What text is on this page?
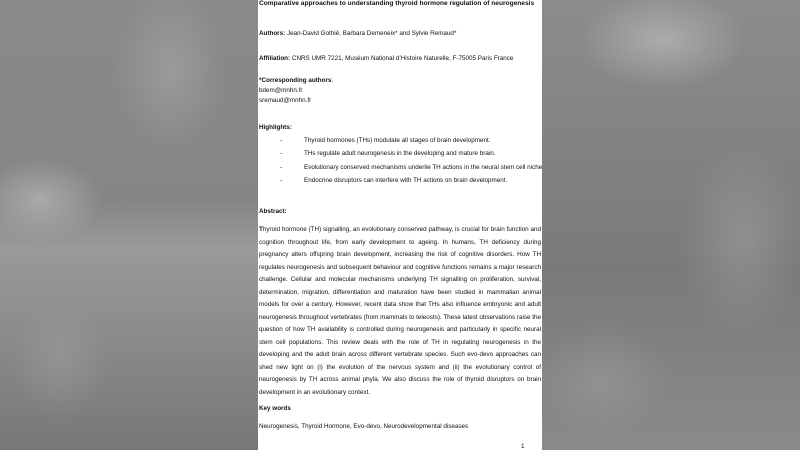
Comparative approaches to understanding thyroid hormone regulation of neurogenesis
Authors: Jean-David Gothié, Barbara Demeneix* and Sylvie Remaud*
Affiliation: CNRS UMR 7221, Muséum National d’Histoire Naturelle, F-75005 Paris France
*Corresponding authors:
bdem@mnhn.fr
sremaud@mnhn.fr
Highlights:
-	Thyroid hormones (THs) modulate all stages of brain development.
-	THs regulate adult neurogenesis in the developing and mature brain.
-	Evolutionary conserved mechanisms underlie TH actions in the neural stem cell niche
-	Endocrine disruptors can interfere with TH actions on brain development.
Abstract:
Thyroid hormone (TH) signalling, an evolutionary conserved pathway, is crucial for brain function and cognition throughout life, from early development to ageing. In humans, TH deficiency during pregnancy alters offspring brain development, increasing the risk of cognitive disorders. How TH regulates neurogenesis and subsequent behaviour and cognitive functions remains a major research challenge. Cellular and molecular mechanisms underlying TH signalling on proliferation, survival, determination, migration, differentiation and maturation have been studied in mammalian animal models for over a century. However, recent data show that THs also influence embryonic and adult neurogenesis throughout vertebrates (from mammals to teleosts). These latest observations raise the question of how TH availability is controlled during neurogenesis and particularly in specific neural stem cell populations. This review deals with the role of TH in regulating neurogenesis in the developing and the adult brain across different vertebrate species. Such evo-devo approaches can shed new light on (i) the evolution of the nervous system and (ii) the evolutionary control of neurogenesis by TH across animal phyla. We also discuss the role of thyroid disruptors on brain development in an evolutionary context.
Key words
Neurogenesis, Thyroid Hormone, Evo-devo, Neurodevelopmental diseases
1
